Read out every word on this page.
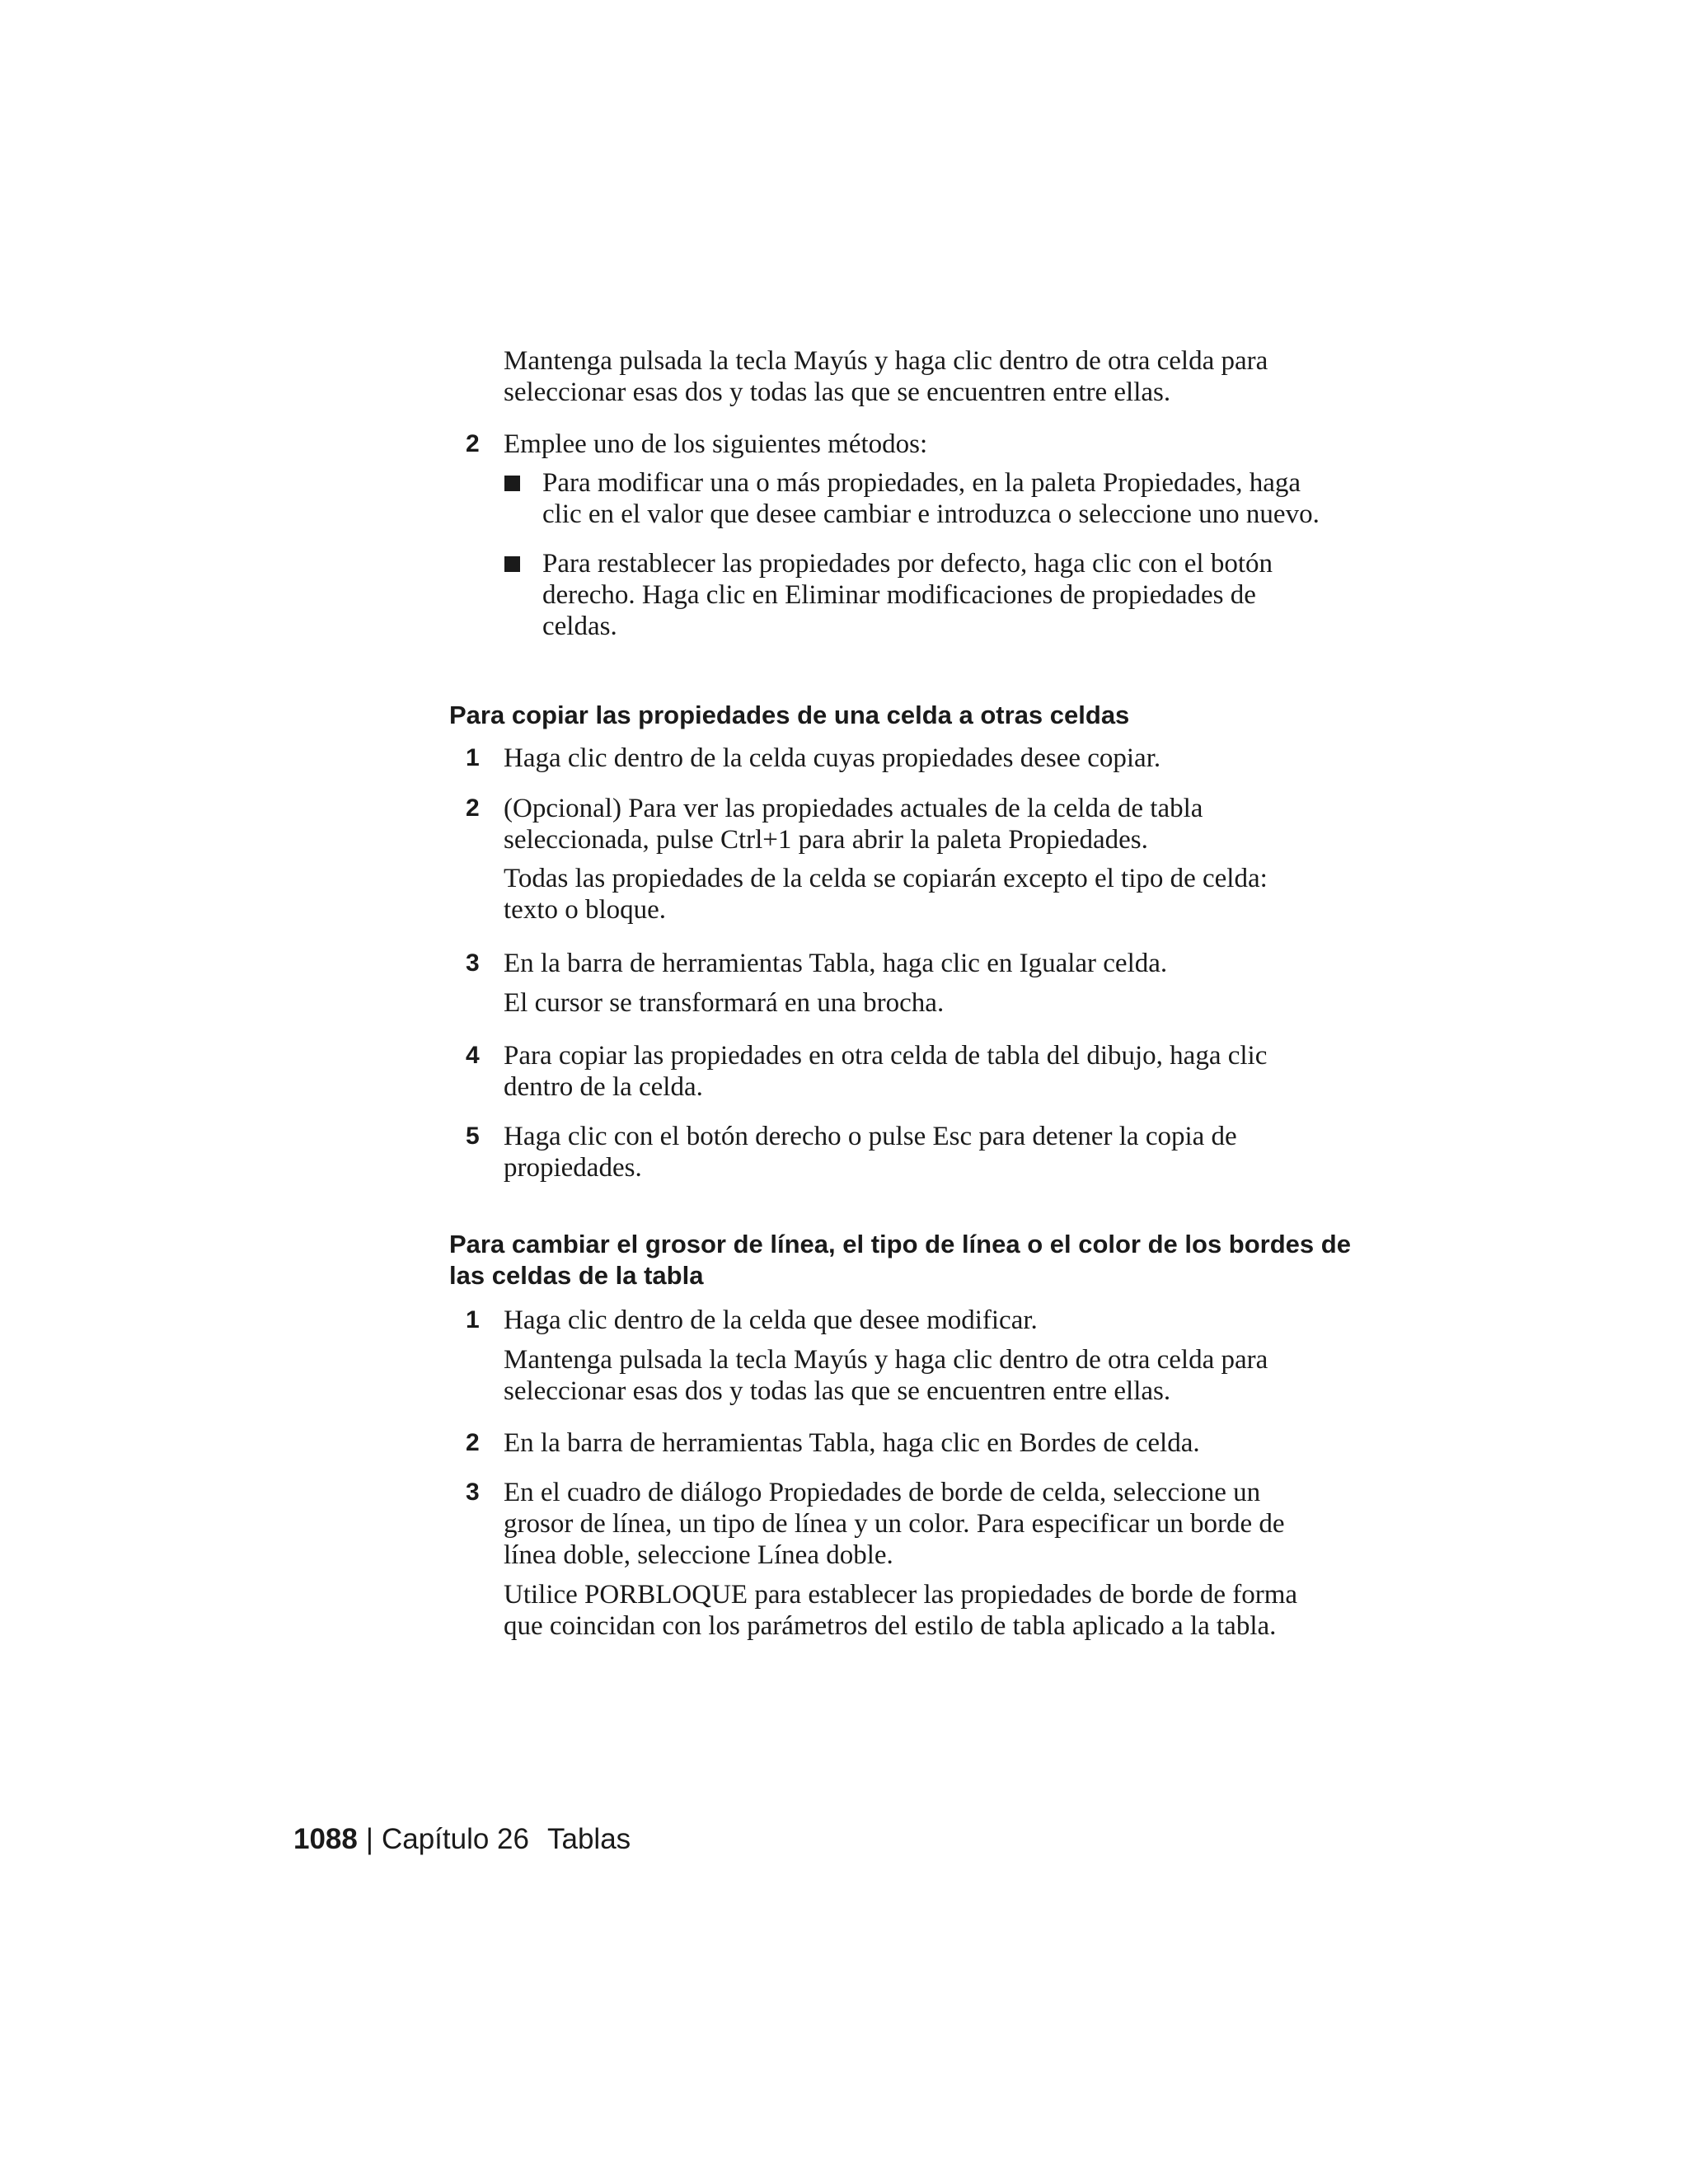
Mantenga pulsada la tecla Mayús y haga clic dentro de otra celda para
seleccionar esas dos y todas las que se encuentren entre ellas.
2 Emplee uno de los siguientes métodos:
Para modificar una o más propiedades, en la paleta Propiedades, haga
clic en el valor que desee cambiar e introduzca o seleccione uno nuevo.
Para restablecer las propiedades por defecto, haga clic con el botón
derecho. Haga clic en Eliminar modificaciones de propiedades de
celdas.
Para copiar las propiedades de una celda a otras celdas
1 Haga clic dentro de la celda cuyas propiedades desee copiar.
2 (Opcional) Para ver las propiedades actuales de la celda de tabla
seleccionada, pulse Ctrl+1 para abrir la paleta Propiedades.
Todas las propiedades de la celda se copiarán excepto el tipo de celda:
texto o bloque.
3 En la barra de herramientas Tabla, haga clic en Igualar celda.
El cursor se transformará en una brocha.
4 Para copiar las propiedades en otra celda de tabla del dibujo, haga clic
dentro de la celda.
5 Haga clic con el botón derecho o pulse Esc para detener la copia de
propiedades.
Para cambiar el grosor de línea, el tipo de línea o el color de los bordes de
las celdas de la tabla
1 Haga clic dentro de la celda que desee modificar.
Mantenga pulsada la tecla Mayús y haga clic dentro de otra celda para
seleccionar esas dos y todas las que se encuentren entre ellas.
2 En la barra de herramientas Tabla, haga clic en Bordes de celda.
3 En el cuadro de diálogo Propiedades de borde de celda, seleccione un
grosor de línea, un tipo de línea y un color. Para especificar un borde de
línea doble, seleccione Línea doble.
Utilice PORBLOQUE para establecer las propiedades de borde de forma
que coincidan con los parámetros del estilo de tabla aplicado a la tabla.
1088 | Capítulo 26 Tablas
